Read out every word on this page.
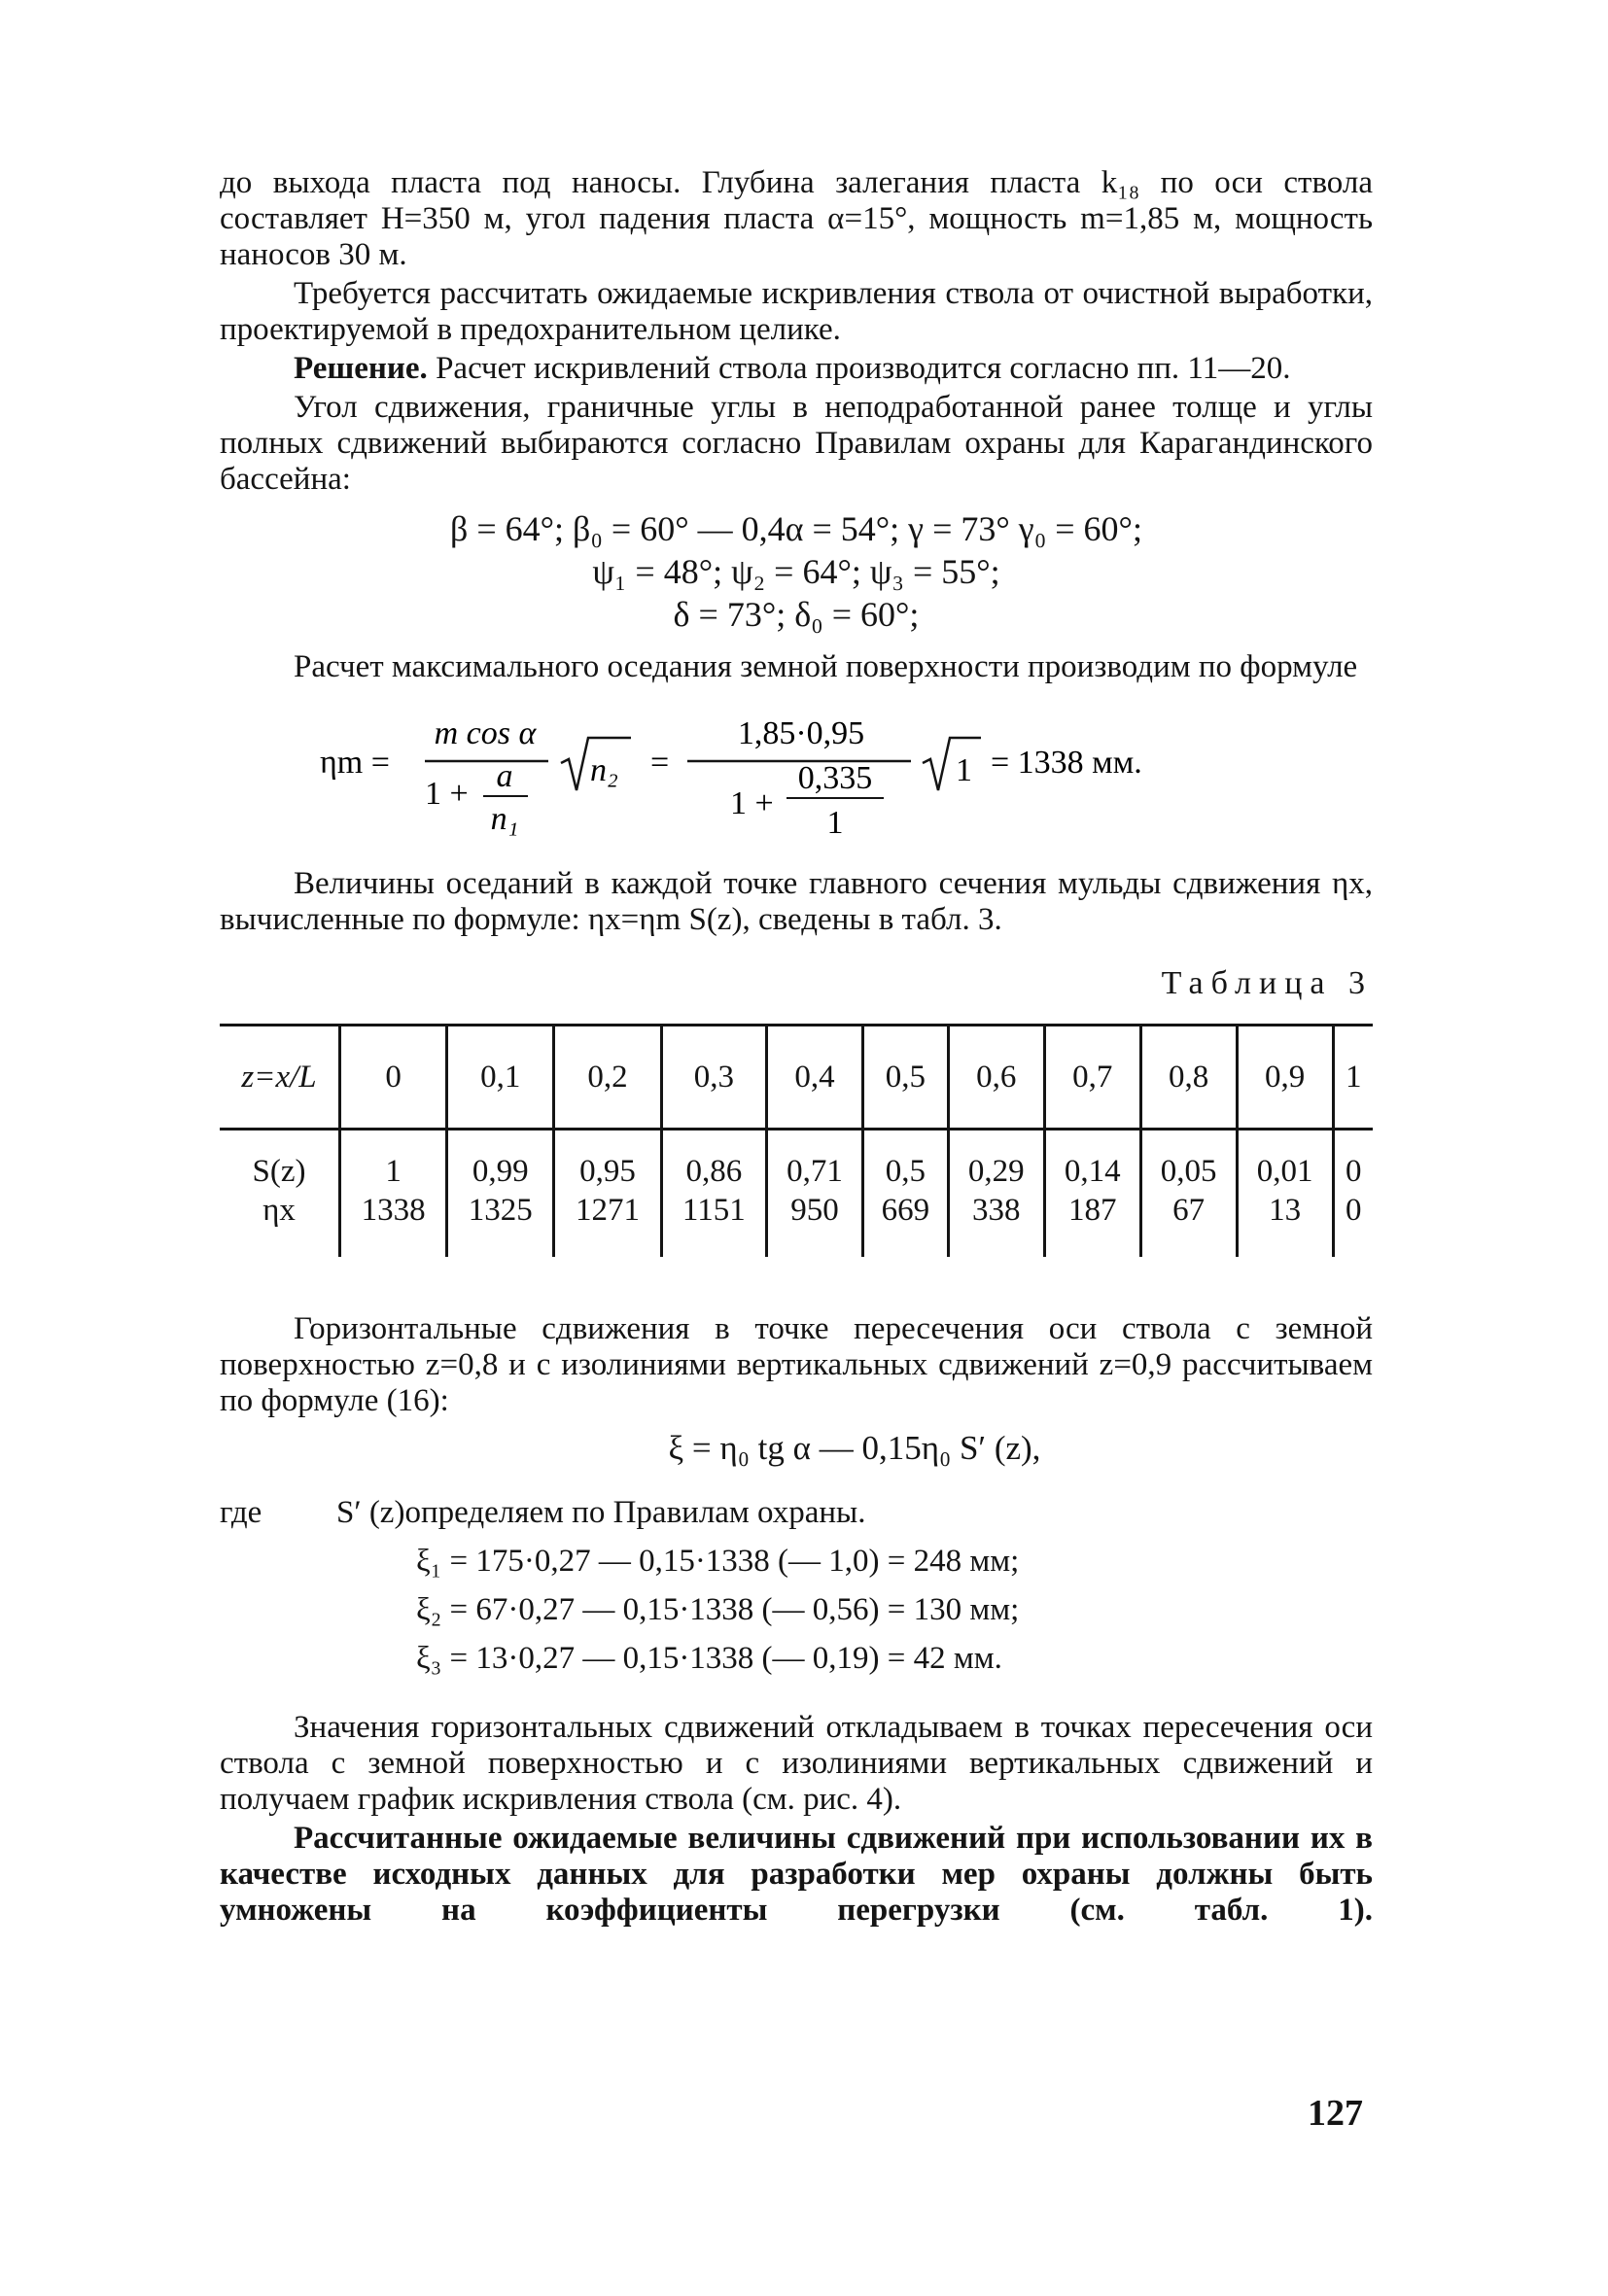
до выхода пласта под наносы. Глубина залегания пласта k₁₈ по оси ствола составляет H=350 м, угол падения пласта α=15°, мощность m=1,85 м, мощность наносов 30 м.

Требуется рассчитать ожидаемые искривления ствола от очистной выработки, проектируемой в предохранительном целике.

Решение. Расчет искривлений ствола производится согласно пп. 11—20.

Угол сдвижения, граничные углы в неподработанной ранее толще и углы полных сдвижений выбираются согласно Правилам охраны для Карагандинского бассейна:

β = 64°; β₀ = 60° — 0,4α = 54°; γ = 73° γ₀ = 60°;

ψ₁ = 48°; ψ₂ = 64°; ψ₃ = 55°;

δ = 73°; δ₀ = 60°;

Расчет максимального оседания земной поверхности производим по формуле

ηm =
m cos α
1 + a
n₁
n₂ =
1,85·0,95
1 +
0,335
1
1 = 1338 мм.

Величины оседаний в каждой точке главного сечения мульды сдвижения ηx, вычисленные по формуле: ηx=ηm S(z), сведены в табл. 3.

Таблица 3
z=x/L	0	0,1	0,2	0,3	0,4	0,5	0,6	0,7	0,8	0,9	1

S(z)	1	0,99	0,95	0,86	0,71	0,5	0,29	0,14	0,05	0,01	0
ηx	1338	1325	1271	1151	950	669	338	187	67	13	0

Горизонтальные сдвижения в точке пересечения оси ствола с земной поверхностью z=0,8 и с изолиниями вертикальных сдвижений z=0,9 рассчитываем по формуле (16):

ξ = η₀ tg α — 0,15η₀ S′ (z),

где	S′ (z)определяем по Правилам охраны.
ξ₁ = 175·0,27 — 0,15·1338 (— 1,0) = 248 мм;
ξ₂ = 67·0,27 — 0,15·1338 (— 0,56) = 130 мм;
ξ₃ = 13·0,27 — 0,15·1338 (— 0,19) = 42 мм.

Значения горизонтальных сдвижений откладываем в точках пересечения оси ствола с земной поверхностью и с изолиниями вертикальных сдвижений и получаем график искривления ствола (см. рис. 4).

Рассчитанные ожидаемые величины сдвижений при использовании их в качестве исходных данных для разработки мер охраны должны быть умножены на коэффициенты перегрузки (см. табл. 1).

127
